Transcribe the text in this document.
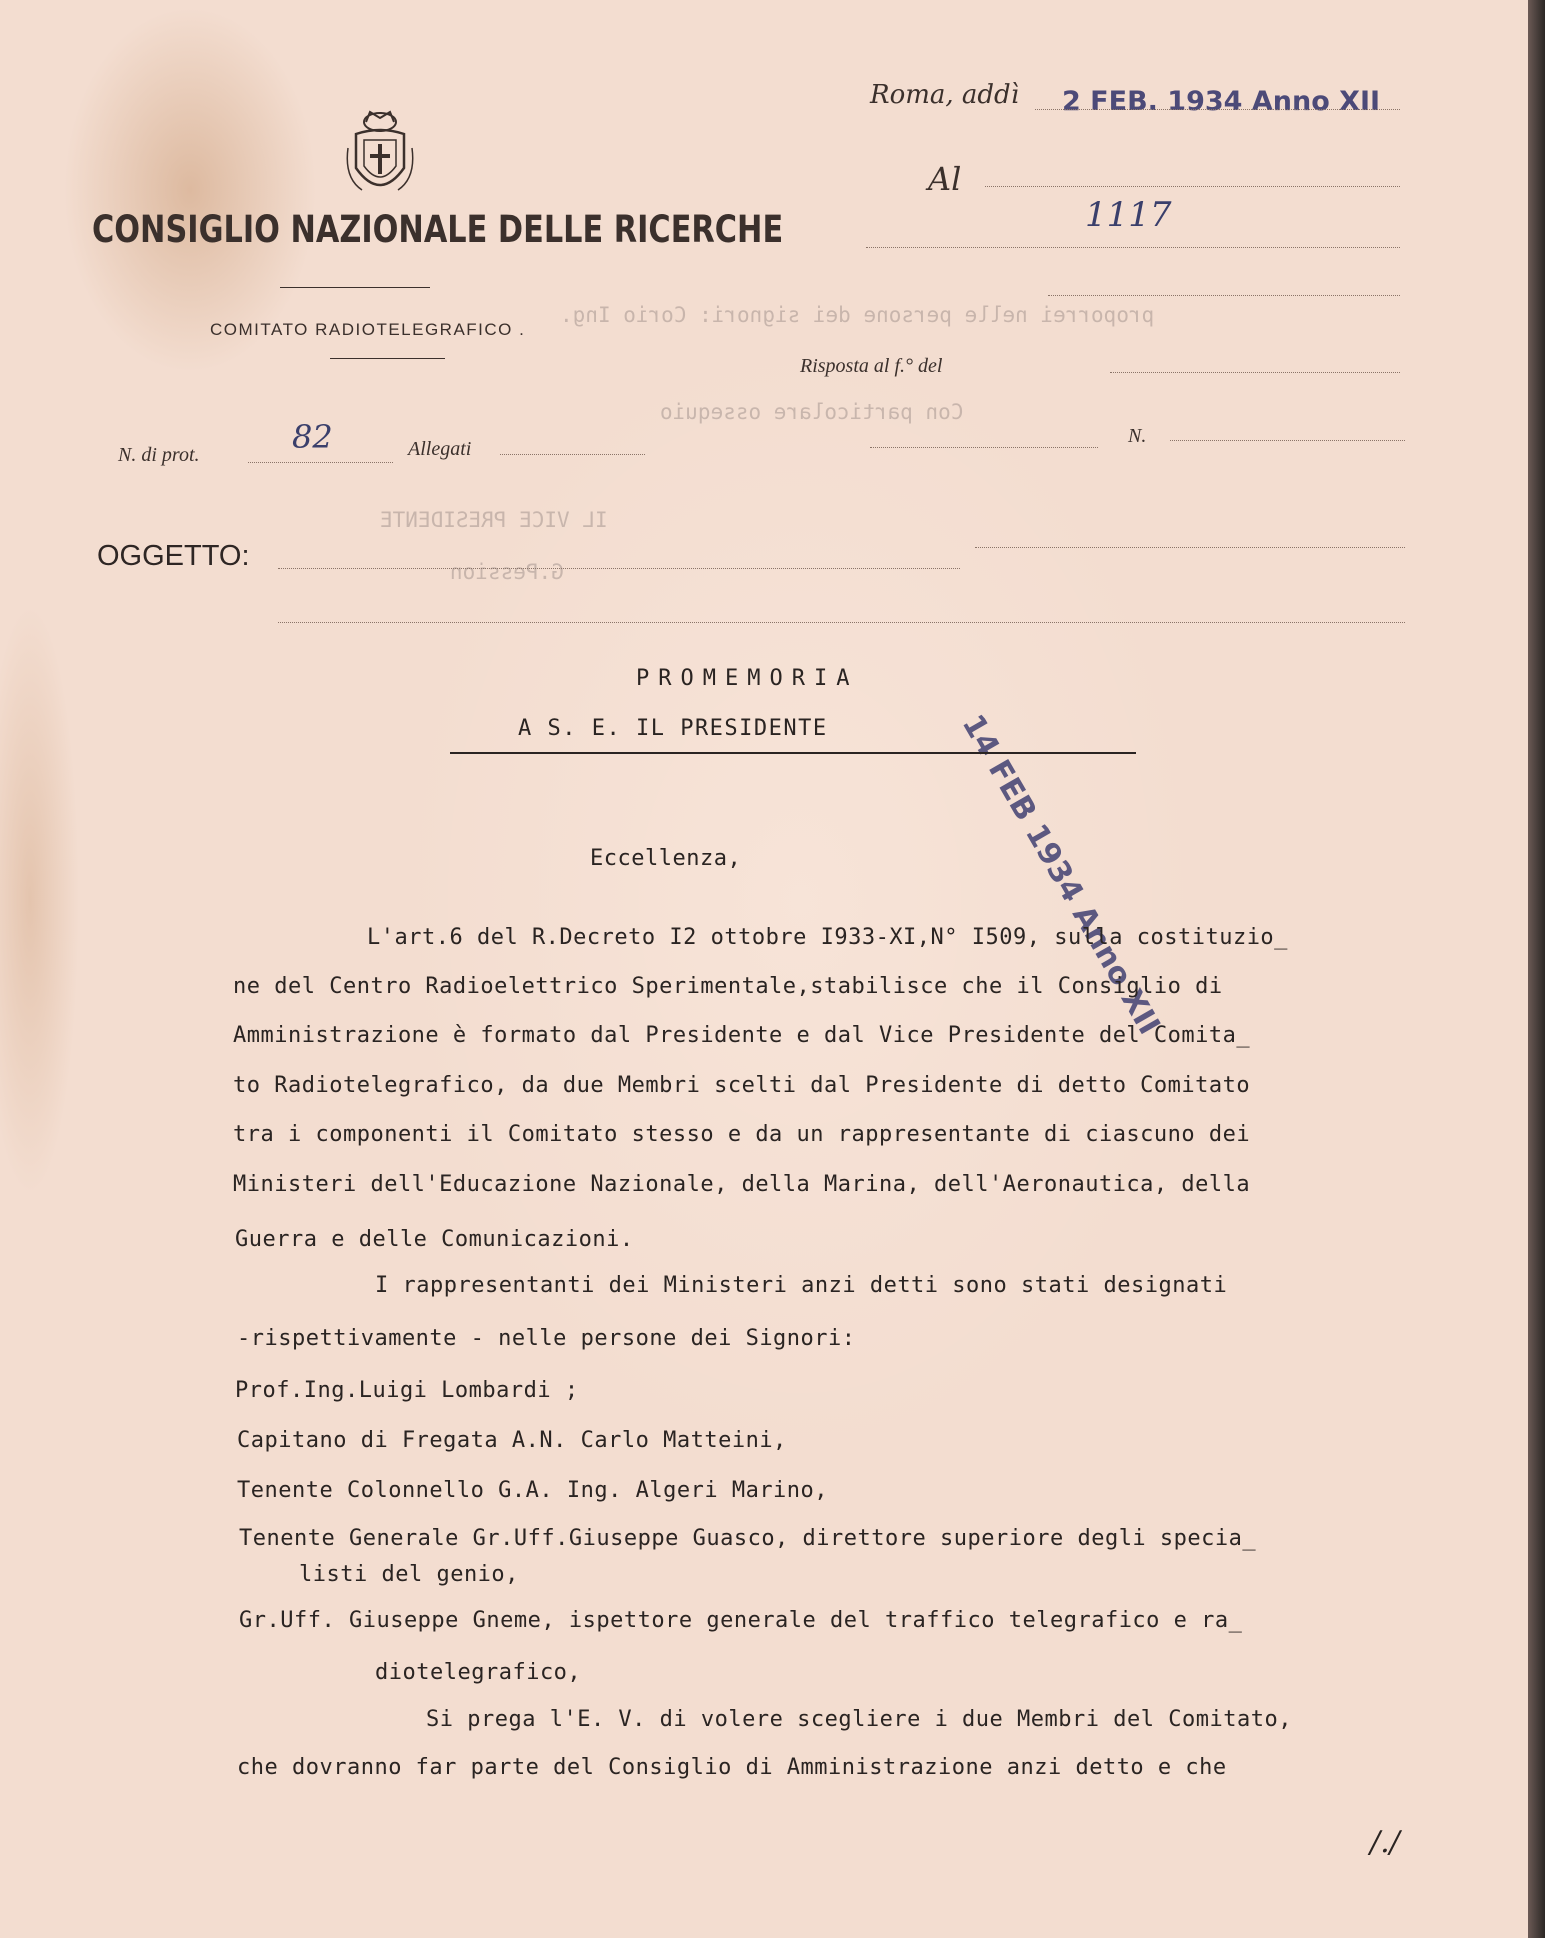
proporrei nelle persone dei signori: Corio Ing.
Con particolare ossequio
IL VICE PRESIDENTE
G.Pession
CONSIGLIO NAZIONALE DELLE RICERCHE
COMITATO RADIOTELEGRAFICO .
Roma, addì 2 FEB. 1934 Anno XII
Al
1117
Risposta al f.° del
N. di prot.	82	Allegati
N.
OGGETTO:
14 FEB 1934 Anno XII
PROMEMORIA
A S. E. IL PRESIDENTE
Eccellenza,
L'art.6 del R.Decreto I2 ottobre I933-XI,N° I509, sulla costituzio_
ne del Centro Radioelettrico Sperimentale,stabilisce che il Consiglio di
Amministrazione è formato dal Presidente e dal Vice Presidente del Comita_
to Radiotelegrafico, da due Membri scelti dal Presidente di detto Comitato
tra i componenti il Comitato stesso e da un rappresentante di ciascuno dei
Ministeri dell'Educazione Nazionale, della Marina, dell'Aeronautica, della
Guerra e delle Comunicazioni.
I rappresentanti dei Ministeri anzi detti sono stati designati
-rispettivamente - nelle persone dei Signori:
Prof.Ing.Luigi Lombardi ;
Capitano di Fregata A.N. Carlo Matteini,
Tenente Colonnello G.A. Ing. Algeri Marino,
Tenente Generale Gr.Uff.Giuseppe Guasco, direttore superiore degli specia_
listi del genio,
Gr.Uff. Giuseppe Gneme, ispettore generale del traffico telegrafico e ra_
diotelegrafico,
Si prega l'E. V. di volere scegliere i due Membri del Comitato,
che dovranno far parte del Consiglio di Amministrazione anzi detto e che
/./
